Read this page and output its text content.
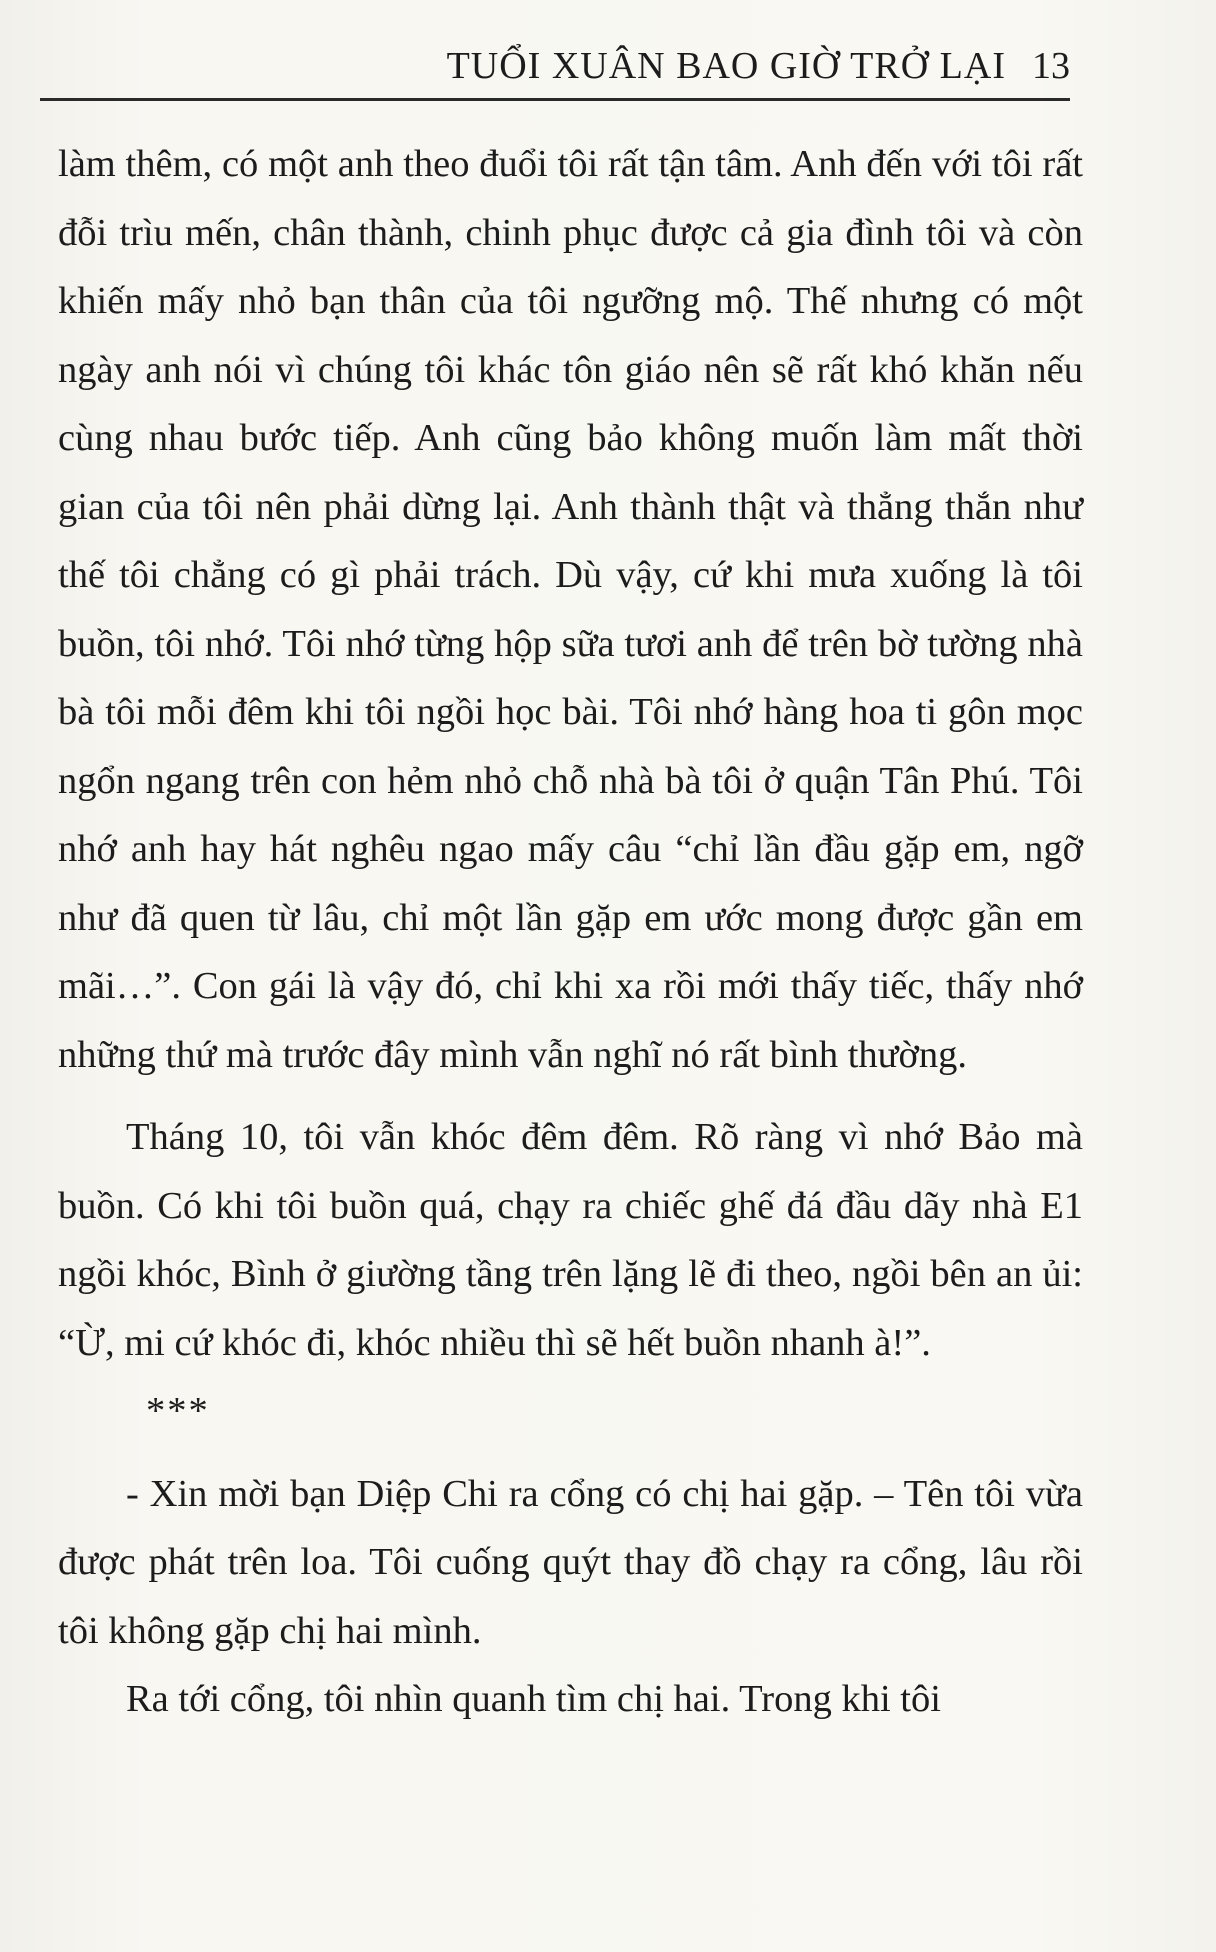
TUỔI XUÂN BAO GIỜ TRỞ LẠI 13

làm thêm, có một anh theo đuổi tôi rất tận tâm. Anh đến với tôi rất đỗi trìu mến, chân thành, chinh phục được cả gia đình tôi và còn khiến mấy nhỏ bạn thân của tôi ngưỡng mộ. Thế nhưng có một ngày anh nói vì chúng tôi khác tôn giáo nên sẽ rất khó khăn nếu cùng nhau bước tiếp. Anh cũng bảo không muốn làm mất thời gian của tôi nên phải dừng lại. Anh thành thật và thẳng thắn như thế tôi chẳng có gì phải trách. Dù vậy, cứ khi mưa xuống là tôi buồn, tôi nhớ. Tôi nhớ từng hộp sữa tươi anh để trên bờ tường nhà bà tôi mỗi đêm khi tôi ngồi học bài. Tôi nhớ hàng hoa ti gôn mọc ngổn ngang trên con hẻm nhỏ chỗ nhà bà tôi ở quận Tân Phú. Tôi nhớ anh hay hát nghêu ngao mấy câu “chỉ lần đầu gặp em, ngỡ như đã quen từ lâu, chỉ một lần gặp em ước mong được gần em mãi…”. Con gái là vậy đó, chỉ khi xa rồi mới thấy tiếc, thấy nhớ những thứ mà trước đây mình vẫn nghĩ nó rất bình thường.

Tháng 10, tôi vẫn khóc đêm đêm. Rõ ràng vì nhớ Bảo mà buồn. Có khi tôi buồn quá, chạy ra chiếc ghế đá đầu dãy nhà E1 ngồi khóc, Bình ở giường tầng trên lặng lẽ đi theo, ngồi bên an ủi: “Ừ, mi cứ khóc đi, khóc nhiều thì sẽ hết buồn nhanh à!”.

***

- Xin mời bạn Diệp Chi ra cổng có chị hai gặp. – Tên tôi vừa được phát trên loa. Tôi cuống quýt thay đồ chạy ra cổng, lâu rồi tôi không gặp chị hai mình.

Ra tới cổng, tôi nhìn quanh tìm chị hai. Trong khi tôi
